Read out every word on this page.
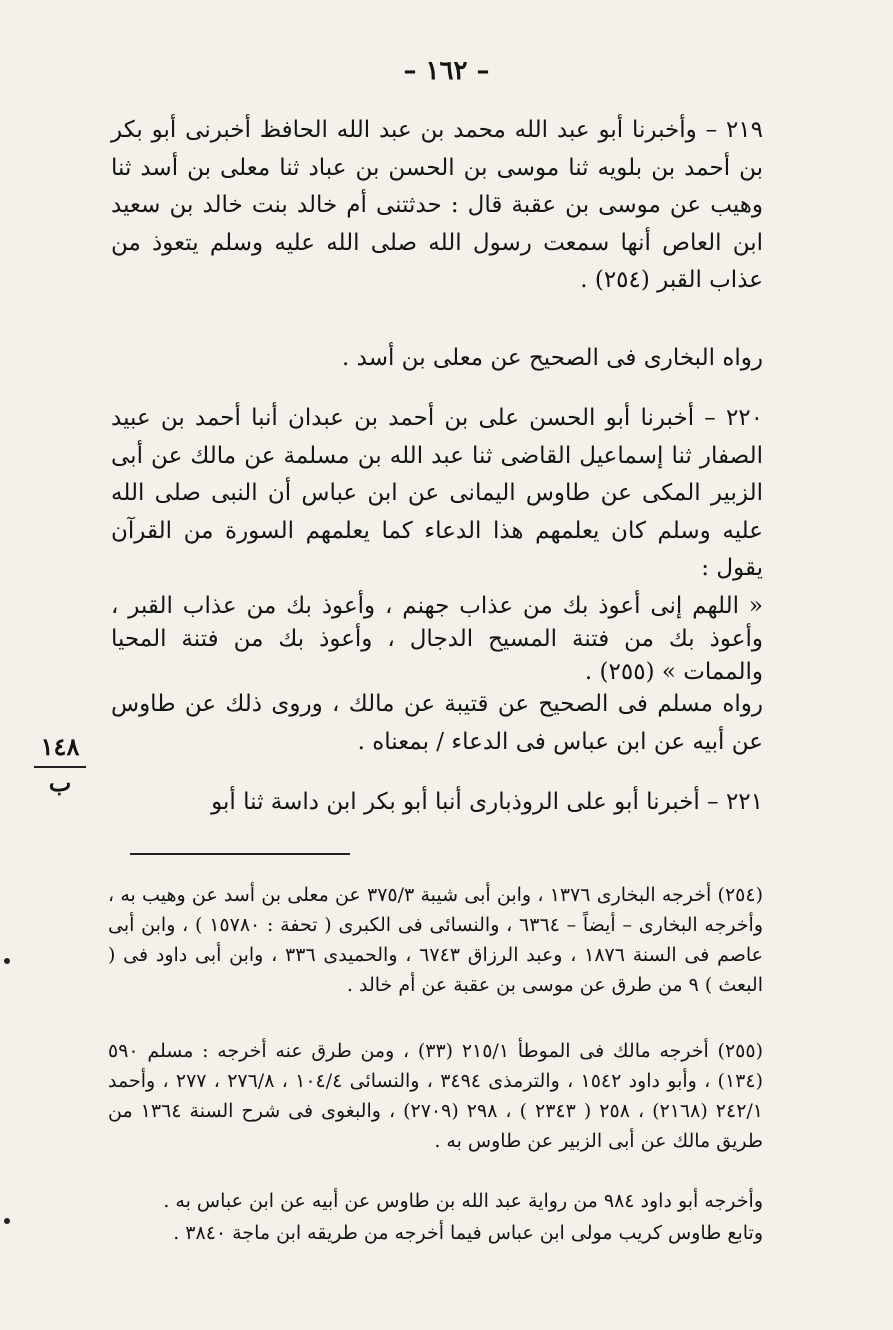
– ١٦٢ –

٢١٩ – وأخبرنا أبو عبد الله محمد بن عبد الله الحافظ أخبرنى أبو بكر بن أحمد بن بلويه ثنا موسى بن الحسن بن عباد ثنا معلى بن أسد ثنا وهيب عن موسى بن عقبة قال : حدثتنى أم خالد بنت خالد بن سعيد ابن العاص أنها سمعت رسول الله صلى الله عليه وسلم يتعوذ من عذاب القبر (٢٥٤) .

رواه البخارى فى الصحيح عن معلى بن أسد .

٢٢٠ – أخبرنا أبو الحسن على بن أحمد بن عبدان أنبا أحمد بن عبيد الصفار ثنا إسماعيل القاضى ثنا عبد الله بن مسلمة عن مالك عن أبى الزبير المكى عن طاوس اليمانى عن ابن عباس أن النبى صلى الله عليه وسلم كان يعلمهم هذا الدعاء كما يعلمهم السورة من القرآن يقول :

« اللهم إنى أعوذ بك من عذاب جهنم ، وأعوذ بك من عذاب القبر ، وأعوذ بك من فتنة المسيح الدجال ، وأعوذ بك من فتنة المحيا والممات » (٢٥٥) .

رواه مسلم فى الصحيح عن قتيبة عن مالك ، وروى ذلك عن طاوس عن أبيه عن ابن عباس فى الدعاء / بمعناه .

٢٢١ – أخبرنا أبو على الروذبارى أنبا أبو بكر ابن داسة ثنا أبو

١٤٨
ب

(٢٥٤) أخرجه البخارى ١٣٧٦ ، وابن أبى شيبة ٣٧٥/٣ عن معلى بن أسد عن وهيب به ، وأخرجه البخارى – أيضاً – ٦٣٦٤ ، والنسائى فى الكبرى ( تحفة : ١٥٧٨٠ ) ، وابن أبى عاصم فى السنة ١٨٧٦ ، وعبد الرزاق ٦٧٤٣ ، والحميدى ٣٣٦ ، وابن أبى داود فى ( البعث ) ٩ من طرق عن موسى بن عقبة عن أم خالد .

(٢٥٥) أخرجه مالك فى الموطأ ٢١٥/١ (٣٣) ، ومن طرق عنه أخرجه : مسلم ٥٩٠ (١٣٤) ، وأبو داود ١٥٤٢ ، والترمذى ٣٤٩٤ ، والنسائى ١٠٤/٤ ، ٢٧٦/٨ ، ٢٧٧ ، وأحمد ٢٤٢/١ (٢١٦٨) ، ٢٥٨ ( ٢٣٤٣ ) ، ٢٩٨ (٢٧٠٩) ، والبغوى فى شرح السنة ١٣٦٤ من طريق مالك عن أبى الزبير عن طاوس به .

وأخرجه أبو داود ٩٨٤ من رواية عبد الله بن طاوس عن أبيه عن ابن عباس به .

وتابع طاوس كريب مولى ابن عباس فيما أخرجه من طريقه ابن ماجة ٣٨٤٠ .
